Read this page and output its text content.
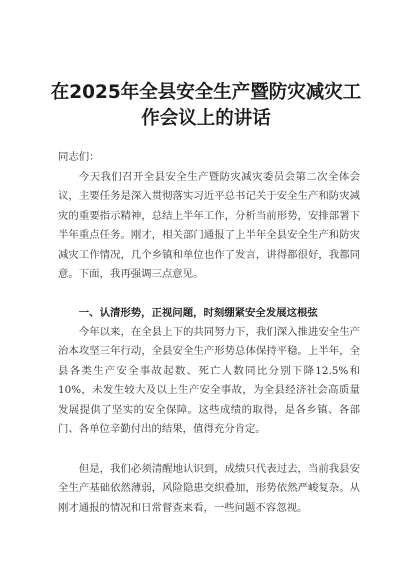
在2025年全县安全生产暨防灾减灾工
作会议上的讲话
同志们：

今天我们召开全县安全生产暨防灾减灾委员会第二次全体会议，主要任务是深入贯彻落实习近平总书记关于安全生产和防灾减灾的重要指示精神，总结上半年工作，分析当前形势，安排部署下半年重点任务。刚才，相关部门通报了上半年全县安全生产和防灾减灾工作情况，几个乡镇和单位也作了发言，讲得都很好，我都同意。下面，我再强调三点意见。

一、认清形势，正视问题，时刻绷紧安全发展这根弦

今年以来，在全县上下的共同努力下，我们深入推进安全生产治本攻坚三年行动，全县安全生产形势总体保持平稳。上半年，全县各类生产安全事故起数、死亡人数同比分别下降12.5%和10%，未发生较大及以上生产安全事故，为全县经济社会高质量发展提供了坚实的安全保障。这些成绩的取得，是各乡镇、各部门、各单位辛勤付出的结果，值得充分肯定。

但是，我们必须清醒地认识到，成绩只代表过去，当前我县安全生产基础依然薄弱，风险隐患交织叠加，形势依然严峻复杂。从刚才通报的情况和日常督查来看，一些问题不容忽视。
